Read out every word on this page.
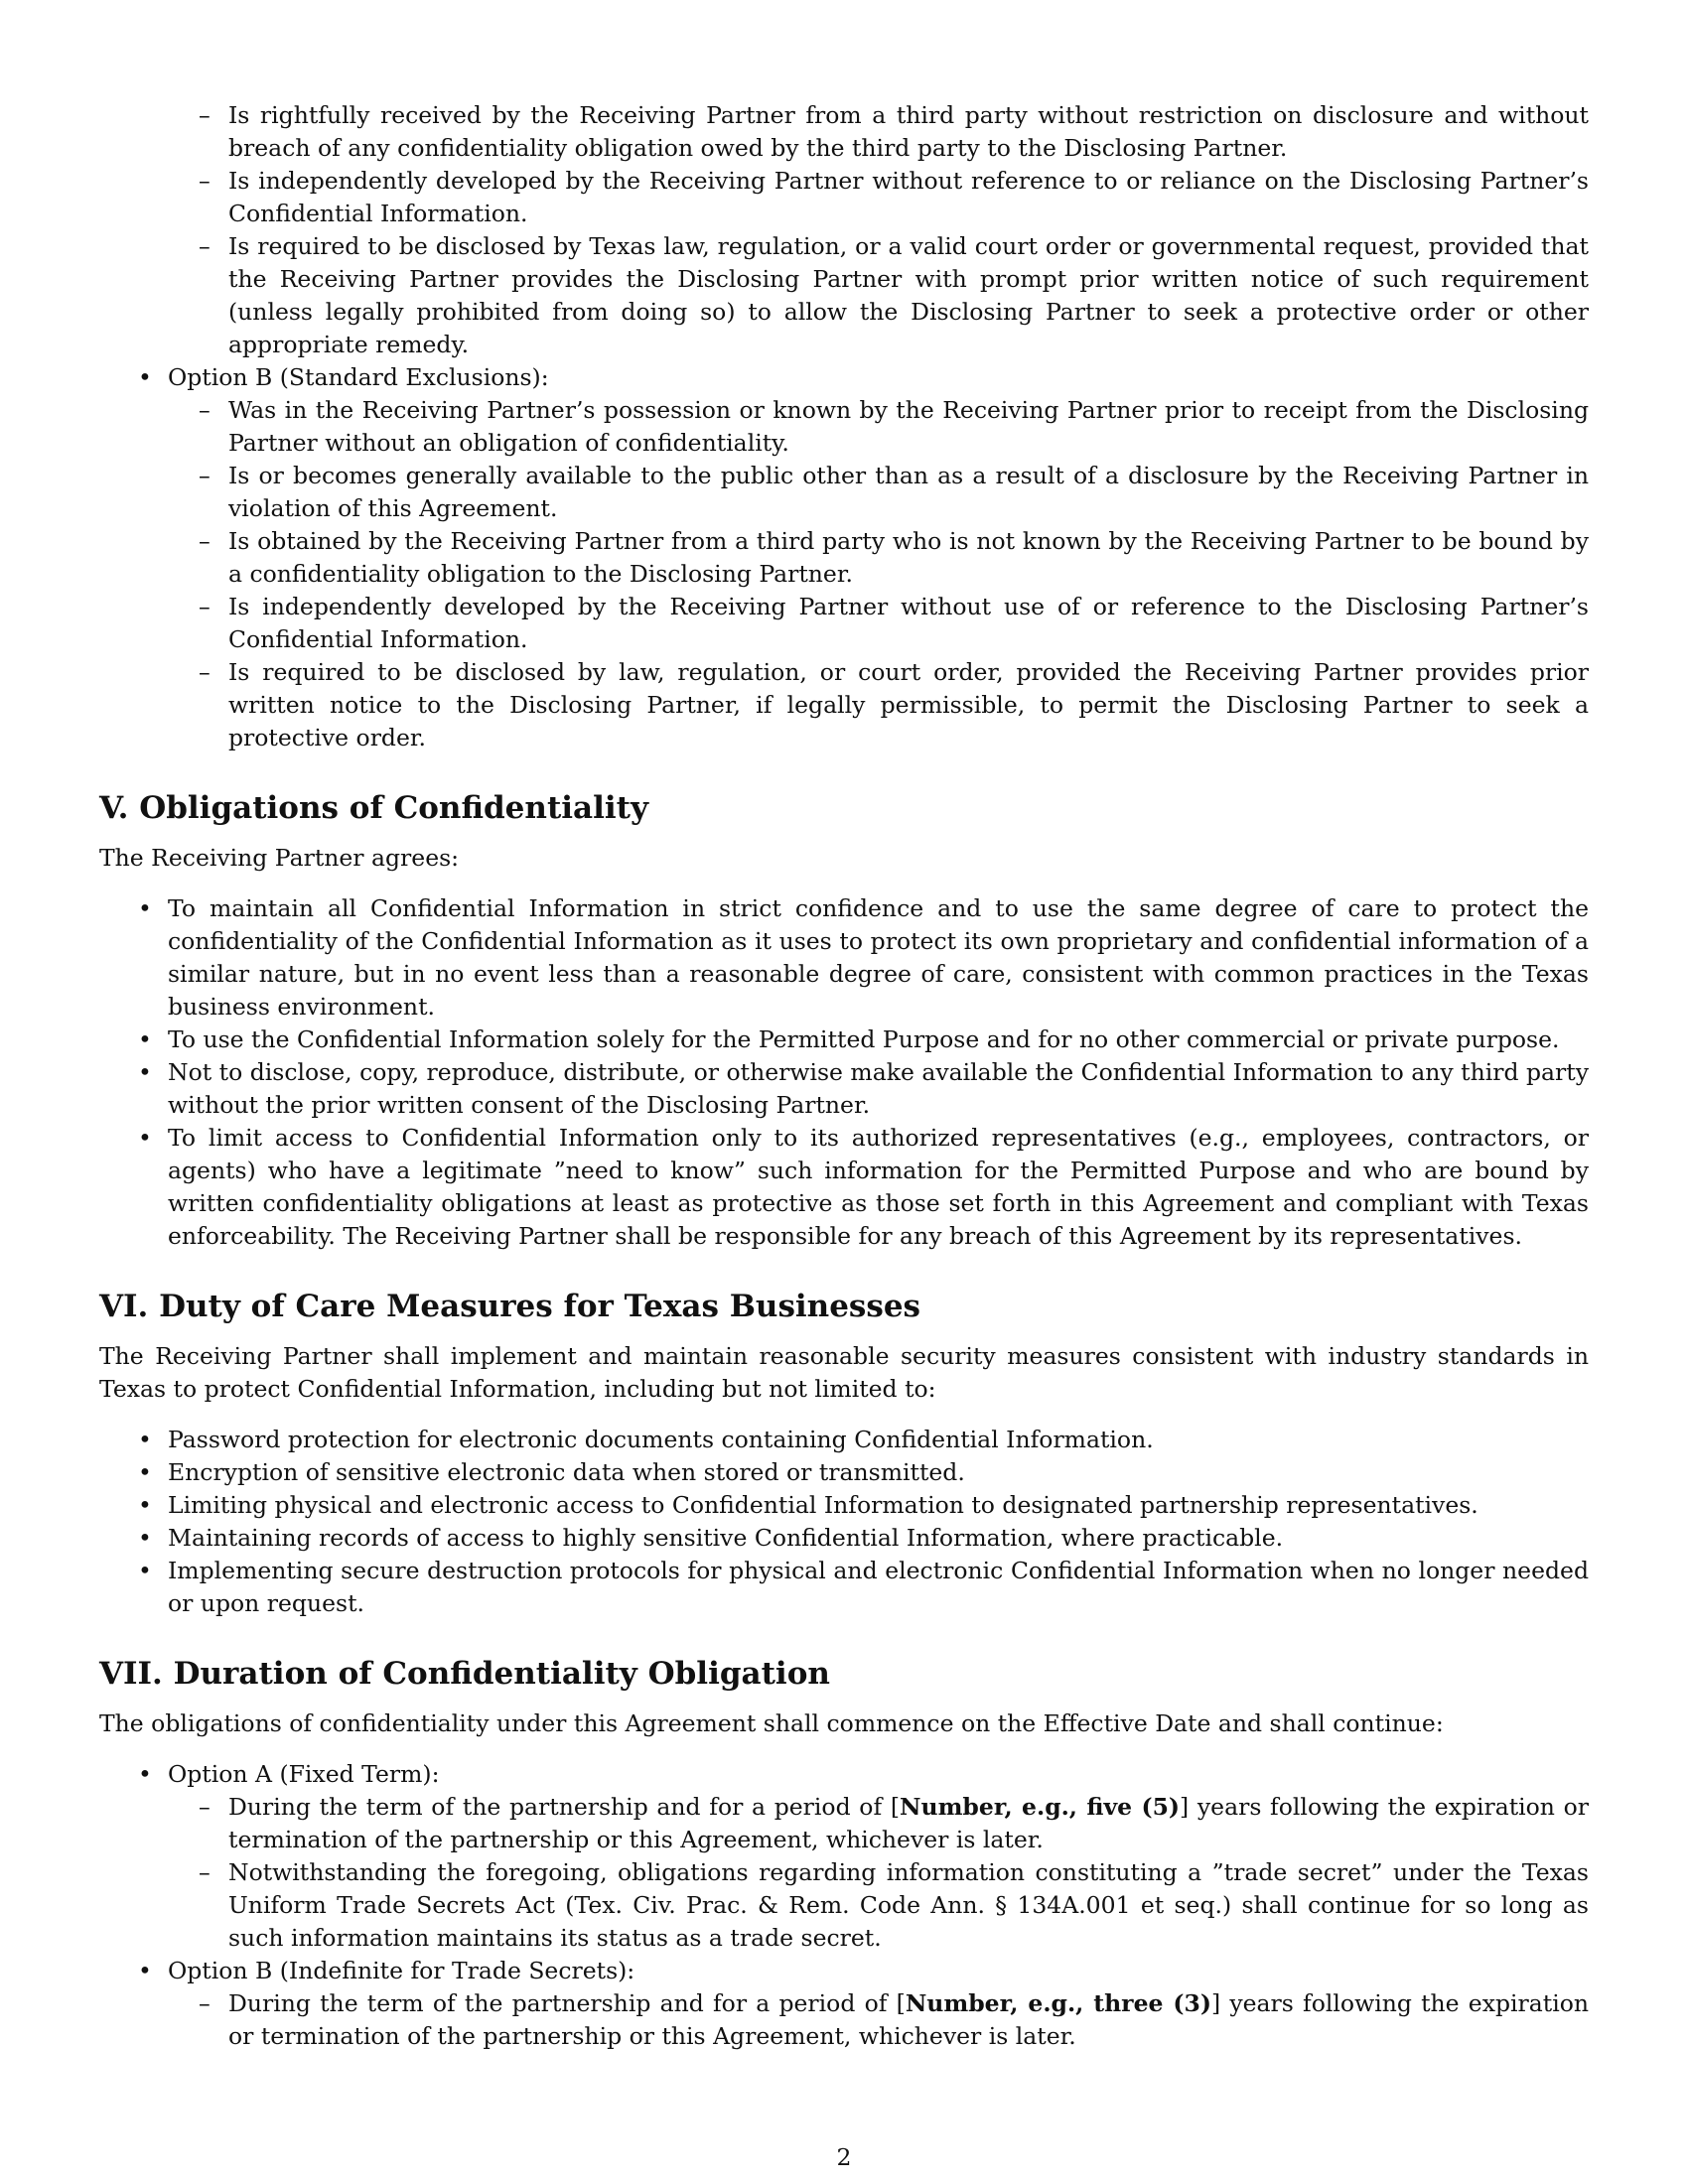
– Is rightfully received by the Receiving Partner from a third party without restriction on disclosure and without breach of any confidentiality obligation owed by the third party to the Disclosing Partner.
– Is independently developed by the Receiving Partner without reference to or reliance on the Disclosing Partner’s Confidential Information.
– Is required to be disclosed by Texas law, regulation, or a valid court order or governmental request, provided that the Receiving Partner provides the Disclosing Partner with prompt prior written notice of such requirement (unless legally prohibited from doing so) to allow the Disclosing Partner to seek a protective order or other appropriate remedy.
• Option B (Standard Exclusions):
– Was in the Receiving Partner’s possession or known by the Receiving Partner prior to receipt from the Disclosing Partner without an obligation of confidentiality.
– Is or becomes generally available to the public other than as a result of a disclosure by the Receiving Partner in violation of this Agreement.
– Is obtained by the Receiving Partner from a third party who is not known by the Receiving Partner to be bound by a confidentiality obligation to the Disclosing Partner.
– Is independently developed by the Receiving Partner without use of or reference to the Disclosing Partner’s Confidential Information.
– Is required to be disclosed by law, regulation, or court order, provided the Receiving Partner provides prior written notice to the Disclosing Partner, if legally permissible, to permit the Disclosing Partner to seek a protective order.
V. Obligations of Confidentiality

The Receiving Partner agrees:

• To maintain all Confidential Information in strict confidence and to use the same degree of care to protect the confidentiality of the Confidential Information as it uses to protect its own proprietary and confidential information of a similar nature, but in no event less than a reasonable degree of care, consistent with common practices in the Texas business environment.
• To use the Confidential Information solely for the Permitted Purpose and for no other commercial or private purpose.
• Not to disclose, copy, reproduce, distribute, or otherwise make available the Confidential Information to any third party without the prior written consent of the Disclosing Partner.
• To limit access to Confidential Information only to its authorized representatives (e.g., employees, contractors, or agents) who have a legitimate ”need to know” such information for the Permitted Purpose and who are bound by written confidentiality obligations at least as protective as those set forth in this Agreement and compliant with Texas enforceability. The Receiving Partner shall be responsible for any breach of this Agreement by its representatives.
VI. Duty of Care Measures for Texas Businesses

The Receiving Partner shall implement and maintain reasonable security measures consistent with industry standards in Texas to protect Confidential Information, including but not limited to:

• Password protection for electronic documents containing Confidential Information.
• Encryption of sensitive electronic data when stored or transmitted.
• Limiting physical and electronic access to Confidential Information to designated partnership representatives.
• Maintaining records of access to highly sensitive Confidential Information, where practicable.
• Implementing secure destruction protocols for physical and electronic Confidential Information when no longer needed or upon request.
VII. Duration of Confidentiality Obligation

The obligations of confidentiality under this Agreement shall commence on the Effective Date and shall continue:

• Option A (Fixed Term):
– During the term of the partnership and for a period of [Number, e.g., five (5)] years following the expiration or termination of the partnership or this Agreement, whichever is later.
– Notwithstanding the foregoing, obligations regarding information constituting a ”trade secret” under the Texas Uniform Trade Secrets Act (Tex. Civ. Prac. & Rem. Code Ann. § 134A.001 et seq.) shall continue for so long as such information maintains its status as a trade secret.
• Option B (Indefinite for Trade Secrets):
– During the term of the partnership and for a period of [Number, e.g., three (3)] years following the expiration or termination of the partnership or this Agreement, whichever is later.
2
